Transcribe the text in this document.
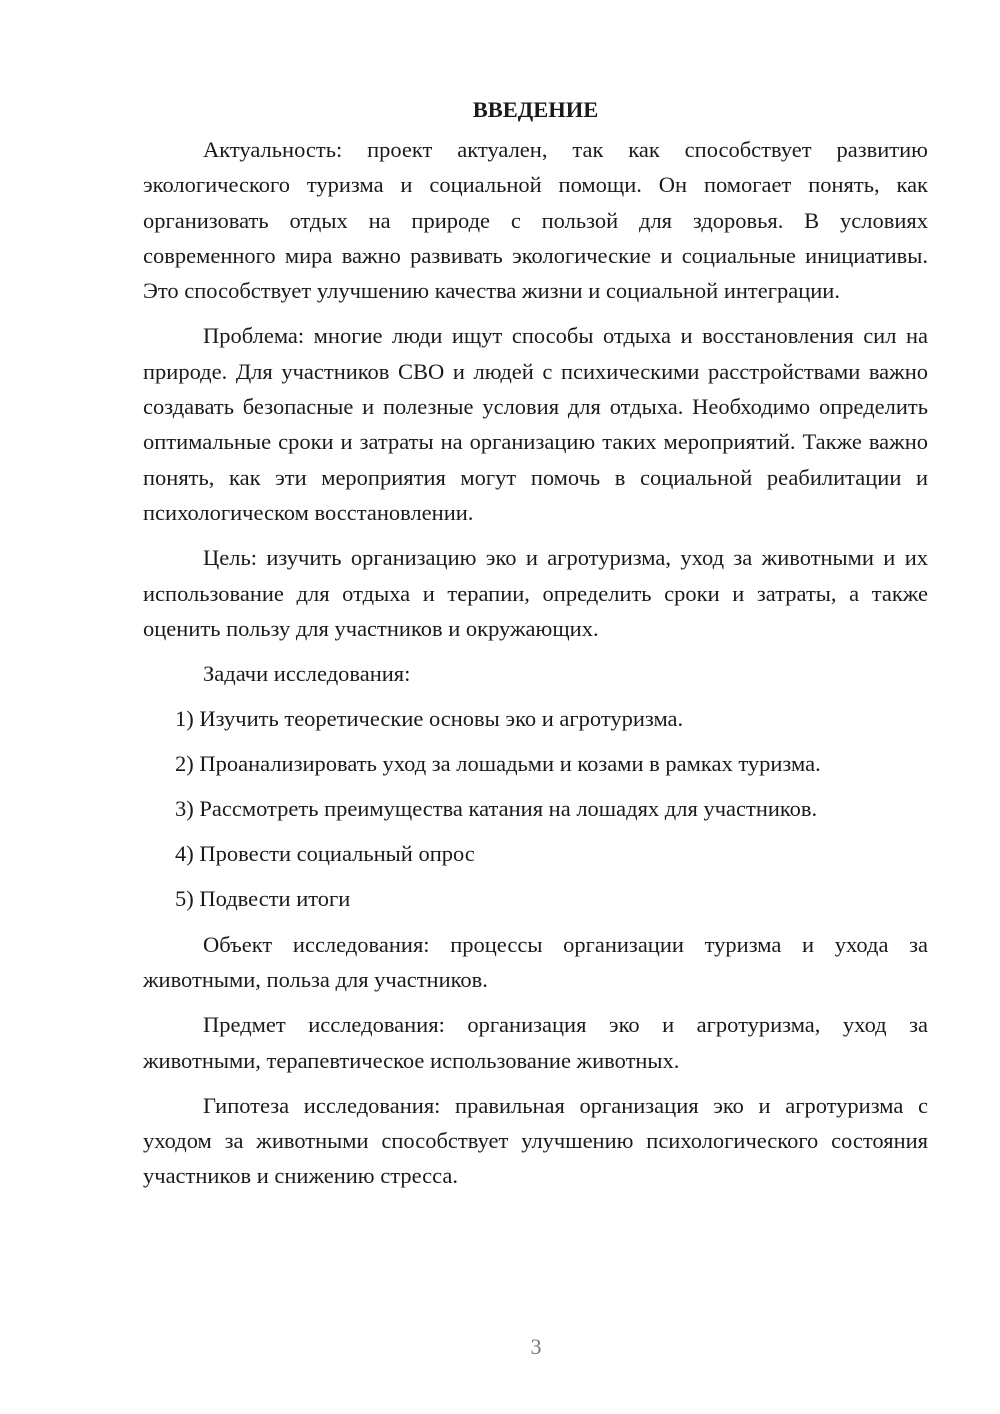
ВВЕДЕНИЕ

Актуальность: проект актуален, так как способствует развитию экологического туризма и социальной помощи. Он помогает понять, как организовать отдых на природе с пользой для здоровья. В условиях современного мира важно развивать экологические и социальные инициативы. Это способствует улучшению качества жизни и социальной интеграции.

Проблема: многие люди ищут способы отдыха и восстановления сил на природе. Для участников СВО и людей с психическими расстройствами важно создавать безопасные и полезные условия для отдыха. Необходимо определить оптимальные сроки и затраты на организацию таких мероприятий. Также важно понять, как эти мероприятия могут помочь в социальной реабилитации и психологическом восстановлении.

Цель: изучить организацию эко и агротуризма, уход за животными и их использование для отдыха и терапии, определить сроки и затраты, а также оценить пользу для участников и окружающих.

Задачи исследования:

1) Изучить теоретические основы эко и агротуризма.
2) Проанализировать уход за лошадьми и козами в рамках туризма.
3) Рассмотреть преимущества катания на лошадях для участников.
4) Провести социальный опрос
5) Подвести итоги

Объект исследования: процессы организации туризма и ухода за животными, польза для участников.

Предмет исследования: организация эко и агротуризма, уход за животными, терапевтическое использование животных.

Гипотеза исследования: правильная организация эко и агротуризма с уходом за животными способствует улучшению психологического состояния участников и снижению стресса.

3
